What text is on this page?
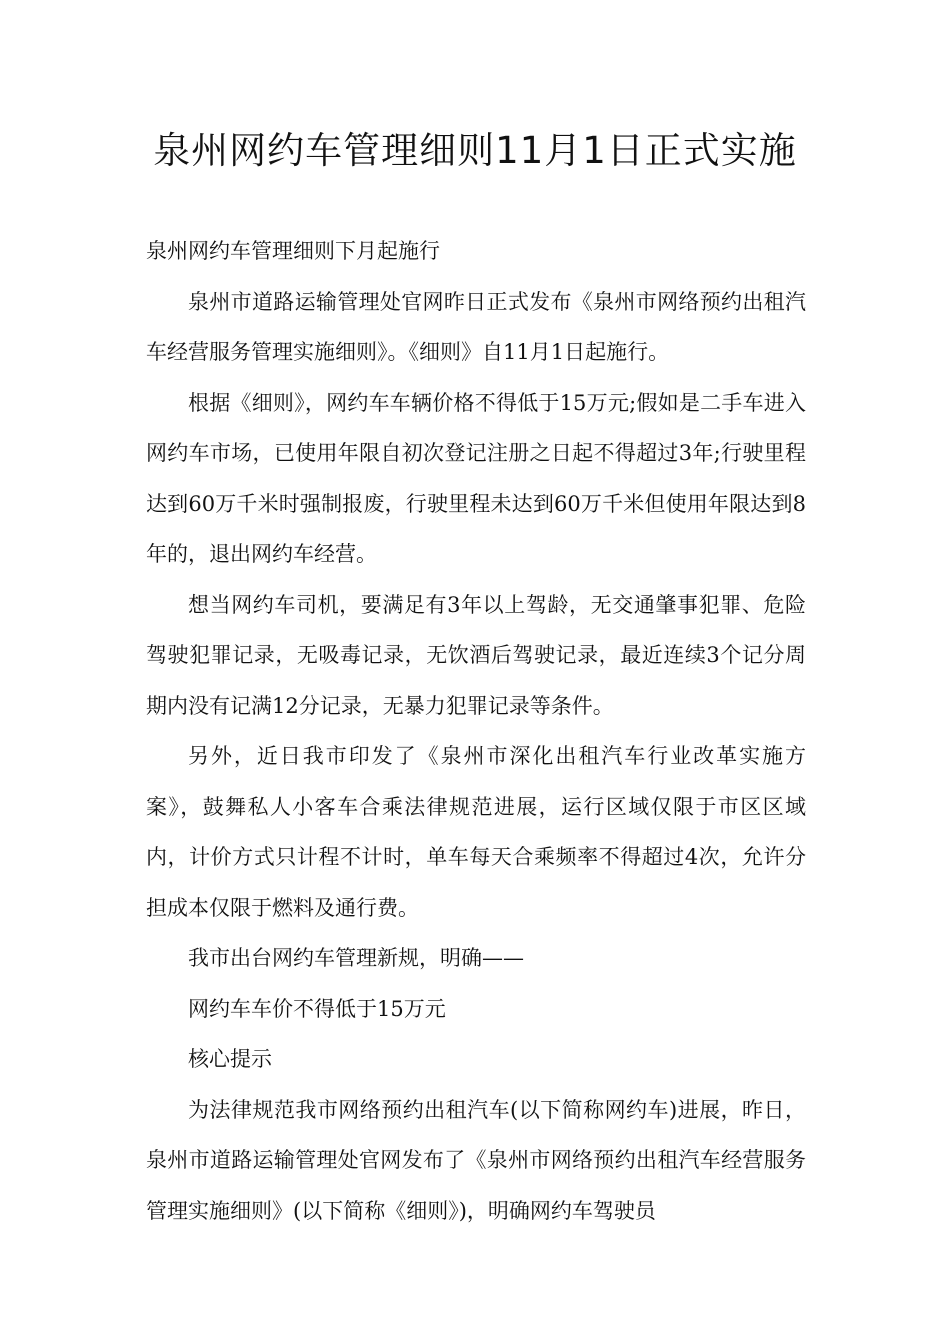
泉州网约车管理细则11月1日正式实施

泉州网约车管理细则下月起施行

泉州市道路运输管理处官网昨日正式发布《泉州市网络预约出租汽车经营服务管理实施细则》。《细则》自11月1日起施行。

根据《细则》，网约车车辆价格不得低于15万元;假如是二手车进入网约车市场，已使用年限自初次登记注册之日起不得超过3年;行驶里程达到60万千米时强制报废，行驶里程未达到60万千米但使用年限达到8年的，退出网约车经营。

想当网约车司机，要满足有3年以上驾龄，无交通肇事犯罪、危险驾驶犯罪记录，无吸毒记录，无饮酒后驾驶记录，最近连续3个记分周期内没有记满12分记录，无暴力犯罪记录等条件。

另外，近日我市印发了《泉州市深化出租汽车行业改革实施方案》，鼓舞私人小客车合乘法律规范进展，运行区域仅限于市区区域内，计价方式只计程不计时，单车每天合乘频率不得超过4次，允许分担成本仅限于燃料及通行费。

我市出台网约车管理新规，明确——

网约车车价不得低于15万元

核心提示

为法律规范我市网络预约出租汽车(以下简称网约车)进展，昨日，泉州市道路运输管理处官网发布了《泉州市网络预约出租汽车经营服务管理实施细则》(以下简称《细则》)，明确网约车驾驶员
